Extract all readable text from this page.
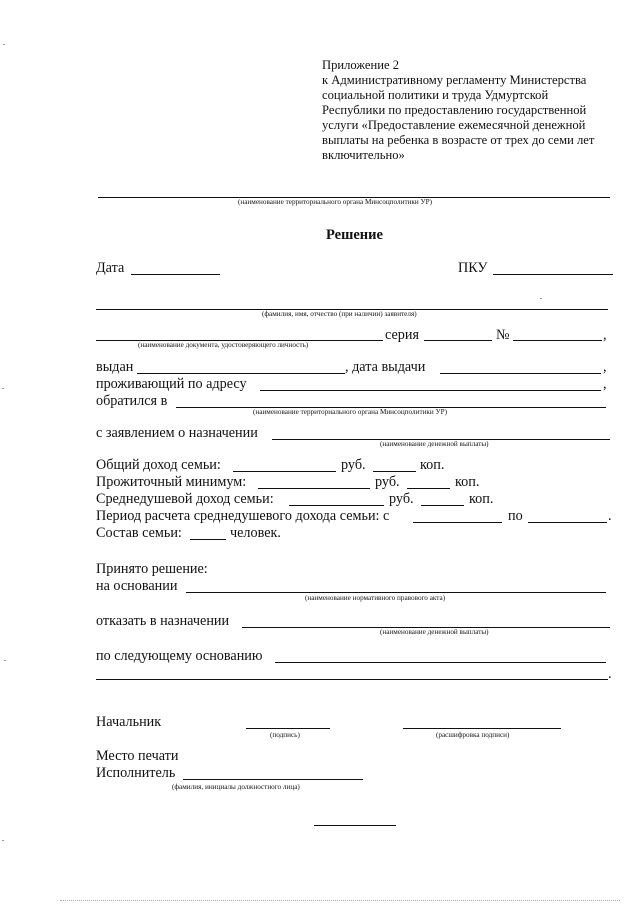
Приложение 2
к Административному регламенту Министерства
социальной политики и труда Удмуртской
Республики по предоставлению государственной
услуги «Предоставление ежемесячной денежной
выплаты на ребенка в возрасте от трех до семи лет
включительно»
(наименование территориального органа Минсоцполитики УР)
Решение
Дата	ПКУ
(фамилия, имя, отчество (при наличии) заявителя)
серия	№	,
(наименование документа, удостоверяющего личность)
выдан	, дата выдачи	,
проживающий по адресу	,
обратился в
(наименование территориального органа Минсоцполитики УР)
с заявлением о назначении
(наименование денежной выплаты)
Общий доход семьи:	руб.	коп.
Прожиточный минимум:	руб.	коп.
Среднедушевой доход семьи:	руб.	коп.
Период расчета среднедушевого дохода семьи: с	по	.
Состав семьи:	человек.
Принято решение:
на основании
(наименование нормативного правового акта)
отказать в назначении
(наименование денежной выплаты)
по следующему основанию
.
Начальник
(подпись)	(расшифровка подписи)
Место печати
Исполнитель
(фамилия, инициалы должностного лица)
